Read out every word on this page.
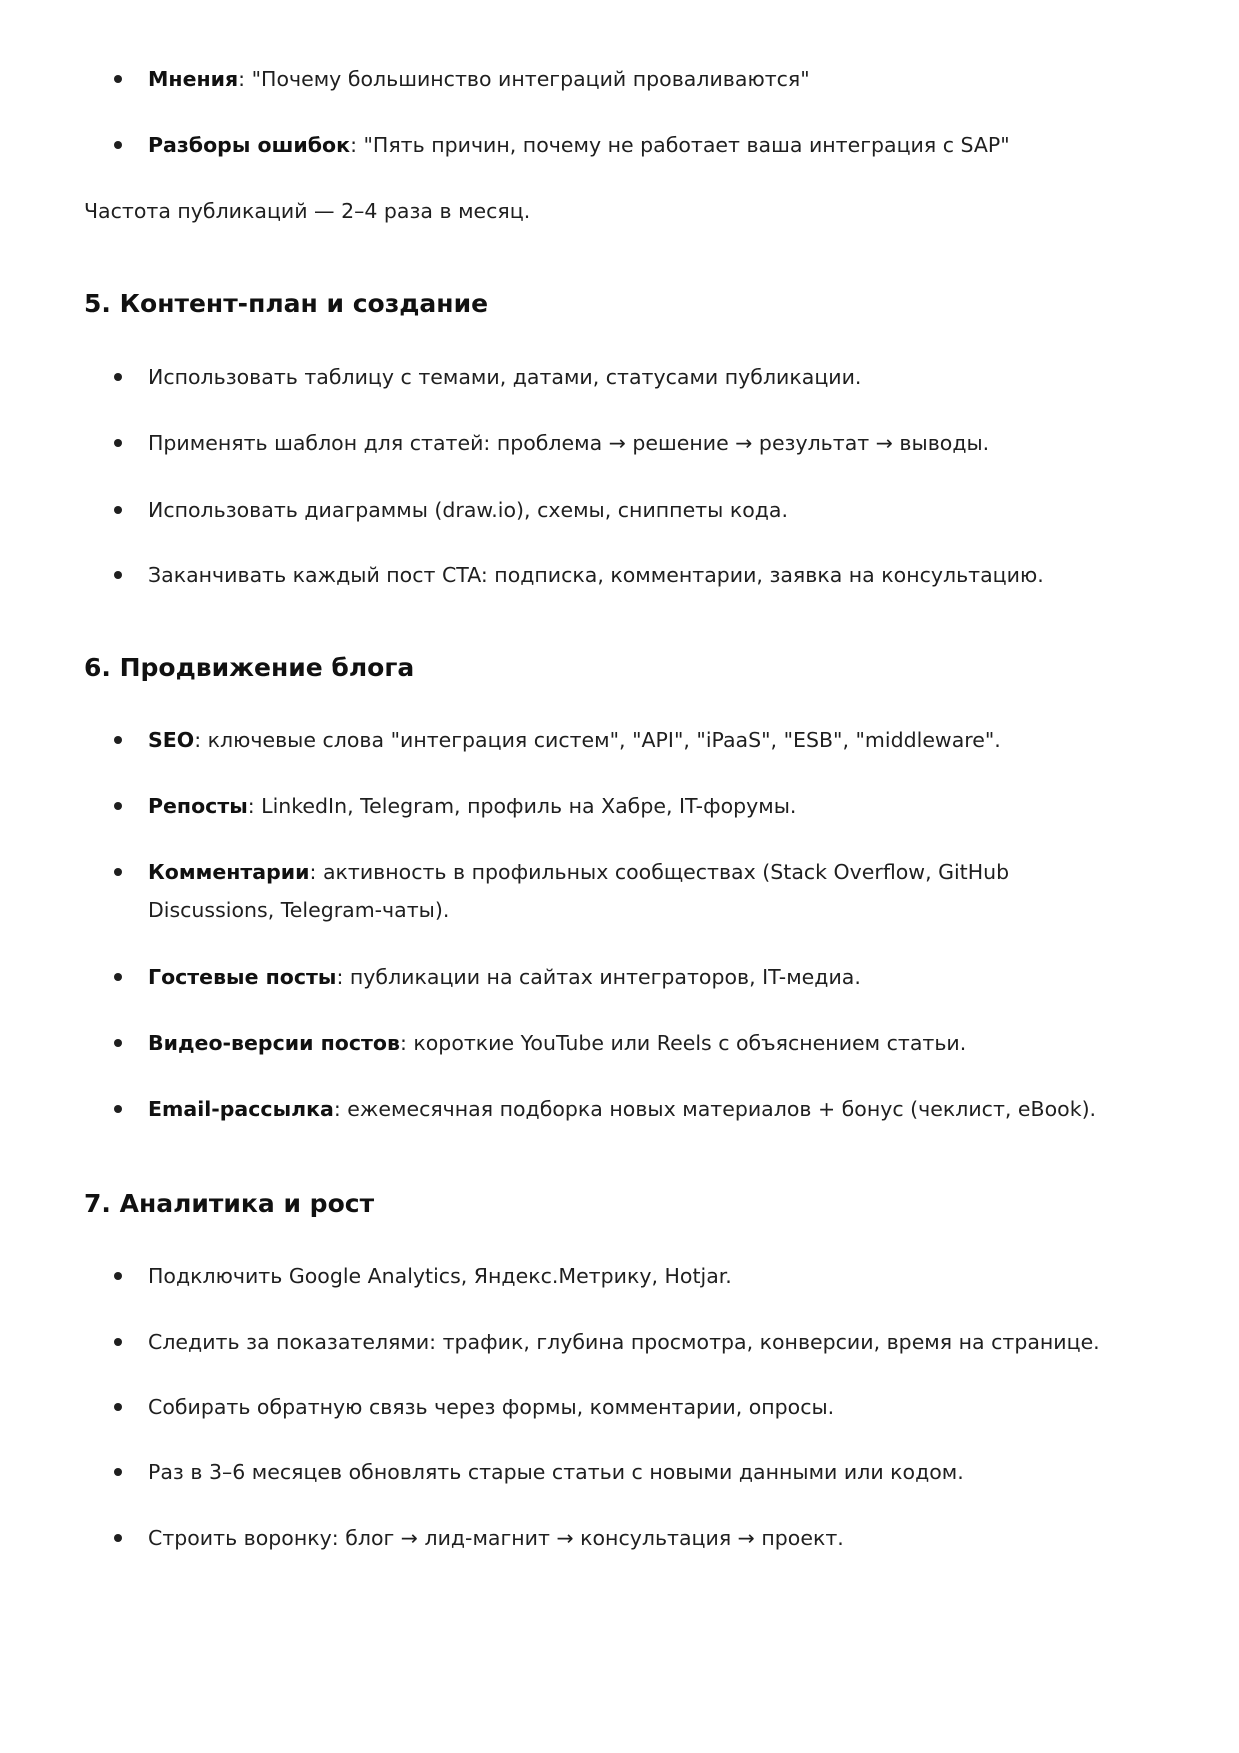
Мнения: "Почему большинство интеграций проваливаются"
Разборы ошибок: "Пять причин, почему не работает ваша интеграция с SAP"
Частота публикаций — 2–4 раза в месяц.
5. Контент-план и создание
Использовать таблицу с темами, датами, статусами публикации.
Применять шаблон для статей: проблема → решение → результат → выводы.
Использовать диаграммы (draw.io), схемы, сниппеты кода.
Заканчивать каждый пост CTA: подписка, комментарии, заявка на консультацию.
6. Продвижение блога
SEO: ключевые слова "интеграция систем", "API", "iPaaS", "ESB", "middleware".
Репосты: LinkedIn, Telegram, профиль на Хабре, IT-форумы.
Комментарии: активность в профильных сообществах (Stack Overflow, GitHub Discussions, Telegram-чаты).
Гостевые посты: публикации на сайтах интеграторов, IT-медиа.
Видео-версии постов: короткие YouTube или Reels с объяснением статьи.
Email-рассылка: ежемесячная подборка новых материалов + бонус (чеклист, eBook).
7. Аналитика и рост
Подключить Google Analytics, Яндекс.Метрику, Hotjar.
Следить за показателями: трафик, глубина просмотра, конверсии, время на странице.
Собирать обратную связь через формы, комментарии, опросы.
Раз в 3–6 месяцев обновлять старые статьи с новыми данными или кодом.
Строить воронку: блог → лид-магнит → консультация → проект.
